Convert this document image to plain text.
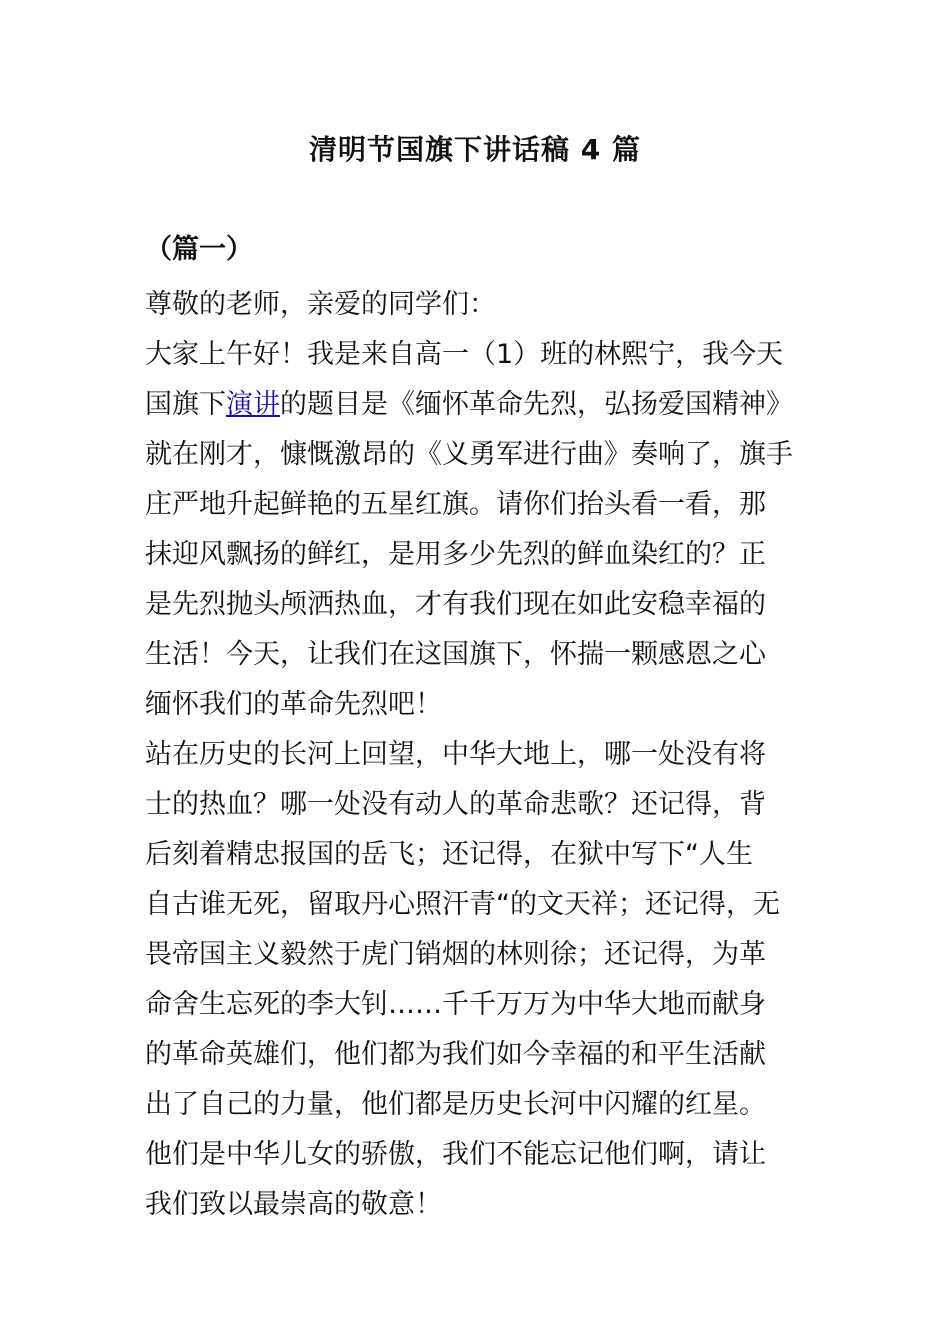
清明节国旗下讲话稿 4 篇
（篇一）
尊敬的老师，亲爱的同学们：
大家上午好！我是来自高一（1）班的林熙宁，我今天
国旗下演讲的题目是《缅怀革命先烈，弘扬爱国精神》
就在刚才，慷慨激昂的《义勇军进行曲》奏响了，旗手
庄严地升起鲜艳的五星红旗。请你们抬头看一看，那
抹迎风飘扬的鲜红，是用多少先烈的鲜血染红的？正
是先烈抛头颅洒热血，才有我们现在如此安稳幸福的
生活！今天，让我们在这国旗下，怀揣一颗感恩之心
缅怀我们的革命先烈吧！
站在历史的长河上回望，中华大地上，哪一处没有将
士的热血？哪一处没有动人的革命悲歌？还记得，背
后刻着精忠报国的岳飞；还记得，在狱中写下“人生
自古谁无死，留取丹心照汗青“的文天祥；还记得，无
畏帝国主义毅然于虎门销烟的林则徐；还记得，为革
命舍生忘死的李大钊……千千万万为中华大地而献身
的革命英雄们，他们都为我们如今幸福的和平生活献
出了自己的力量，他们都是历史长河中闪耀的红星。
他们是中华儿女的骄傲，我们不能忘记他们啊，请让
我们致以最崇高的敬意！
